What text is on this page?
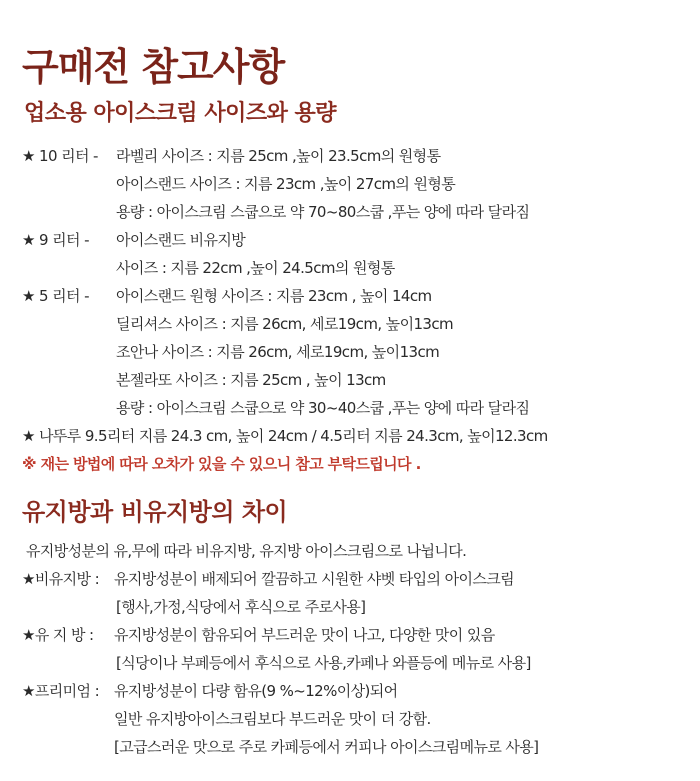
구매전 참고사항
업소용 아이스크림 사이즈와 용량
★ 10 리터 - 라벨리 사이즈 : 지름 25cm ,높이 23.5cm의 원형통
아이스랜드 사이즈 : 지름 23cm ,높이 27cm의 원형통
용량 : 아이스크림 스쿱으로 약 70~80스쿱 ,푸는 양에 따라 달라짐
★ 9 리터 - 아이스랜드 비유지방
사이즈 : 지름 22cm ,높이 24.5cm의 원형통
★ 5 리터 - 아이스랜드 원형 사이즈 : 지름 23cm , 높이 14cm
딜리셔스 사이즈 : 지름 26cm, 세로19cm, 높이13cm
조안나 사이즈 : 지름 26cm, 세로19cm, 높이13cm
본젤라또 사이즈 : 지름 25cm , 높이 13cm
용량 : 아이스크림 스쿱으로 약 30~40스쿱 ,푸는 양에 따라 달라짐
★ 나뚜루 9.5리터 지름 24.3 cm, 높이 24cm / 4.5리터 지름 24.3cm, 높이12.3cm
※ 재는 방법에 따라 오차가 있을 수 있으니 참고 부탁드립니다 .
유지방과 비유지방의 차이
유지방성분의 유,무에 따라 비유지방, 유지방 아이스크림으로 나뉩니다.
★비유지방 : 유지방성분이 배제되어 깔끔하고 시원한 샤벳 타입의 아이스크림
[행사,가정,식당에서 후식으로 주로사용]
★유 지 방 : 유지방성분이 함유되어 부드러운 맛이 나고, 다양한 맛이 있음
[식당이나 부페등에서 후식으로 사용,카페나 와플등에 메뉴로 사용]
★프리미엄 : 유지방성분이 다량 함유(9 %~12%이상)되어
일반 유지방아이스크림보다 부드러운 맛이 더 강함.
[고급스러운 맛으로 주로 카페등에서 커피나 아이스크림메뉴로 사용]
